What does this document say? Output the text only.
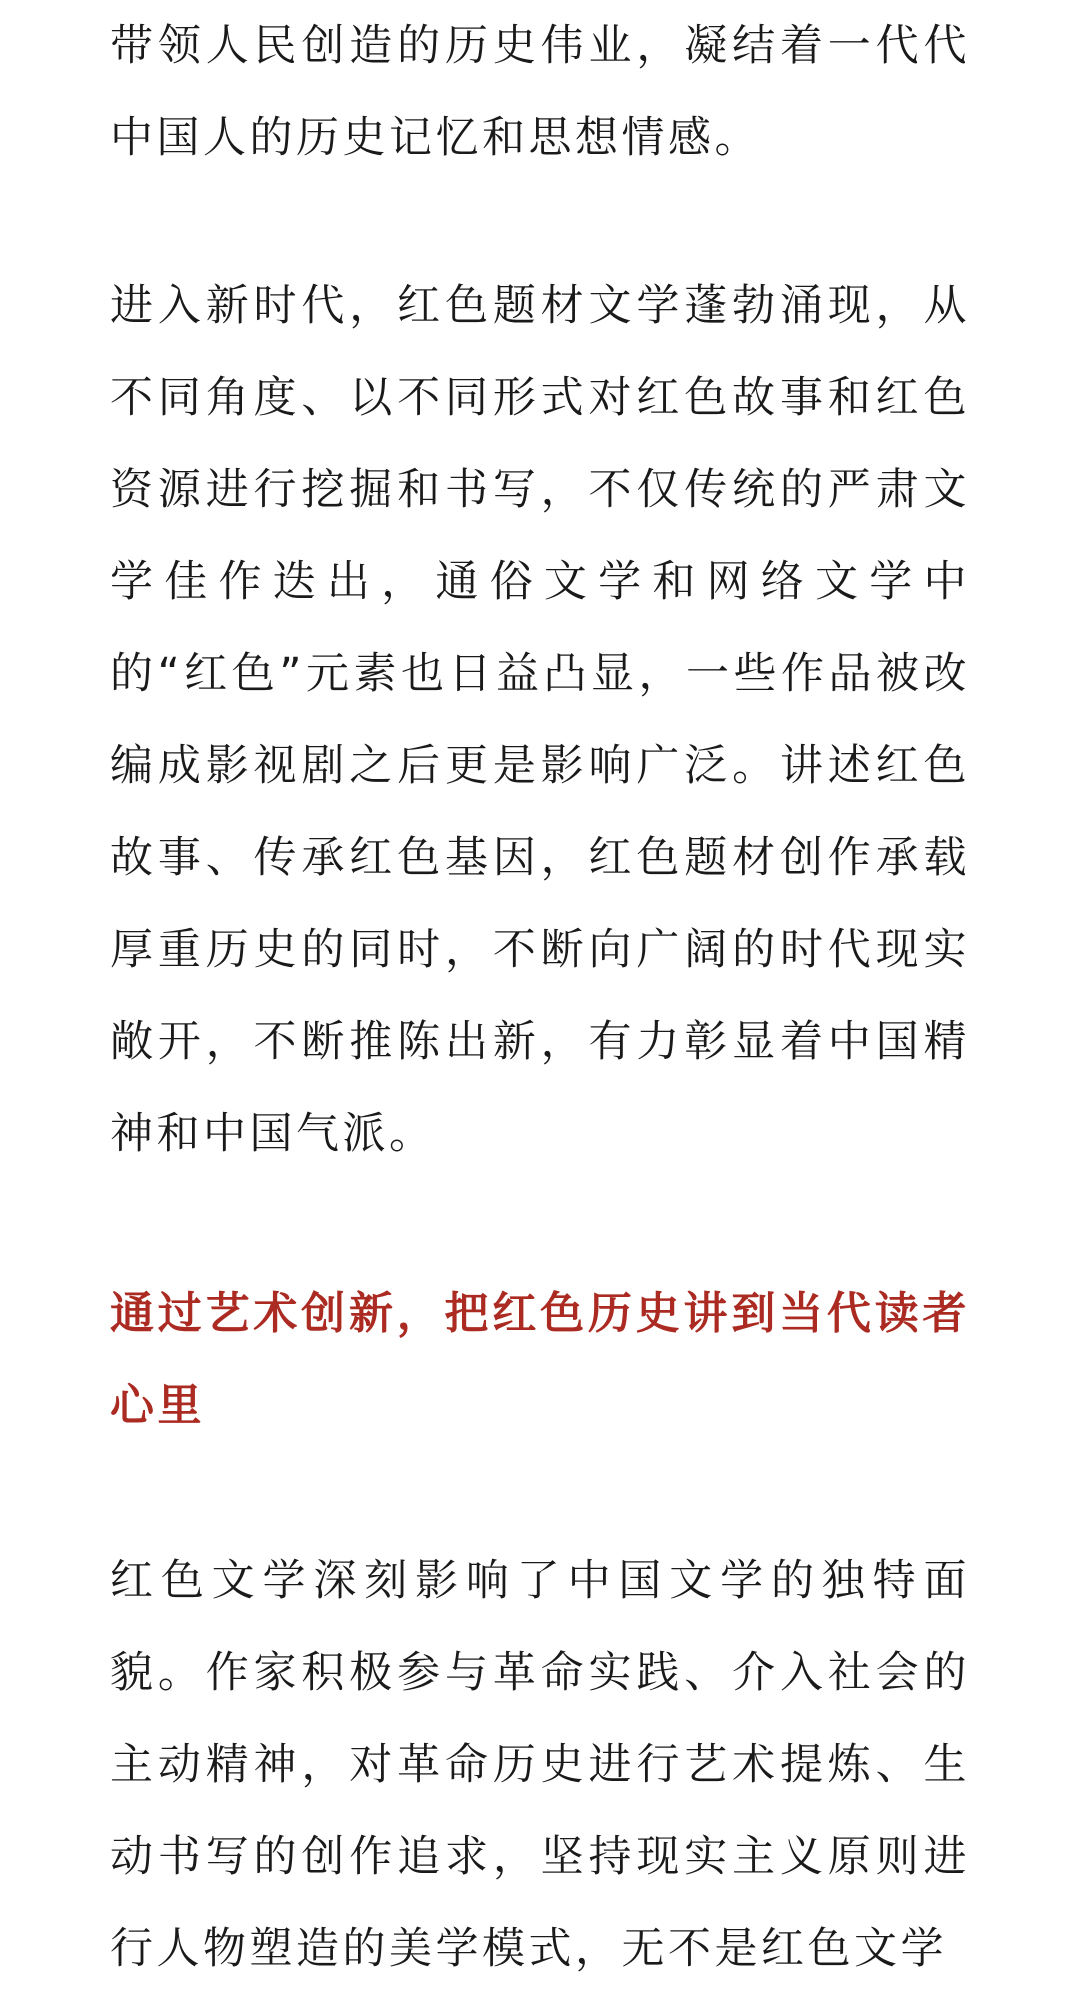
带领人民创造的历史伟业，凝结着一代代中国人的历史记忆和思想情感。

进入新时代，红色题材文学蓬勃涌现，从不同角度、以不同形式对红色故事和红色资源进行挖掘和书写，不仅传统的严肃文学佳作迭出，通俗文学和网络文学中的“红色”元素也日益凸显，一些作品被改编成影视剧之后更是影响广泛。讲述红色故事、传承红色基因，红色题材创作承载厚重历史的同时，不断向广阔的时代现实敞开，不断推陈出新，有力彰显着中国精神和中国气派。

通过艺术创新，把红色历史讲到当代读者心里

红色文学深刻影响了中国文学的独特面貌。作家积极参与革命实践、介入社会的主动精神，对革命历史进行艺术提炼、生动书写的创作追求，坚持现实主义原则进行人物塑造的美学模式，无不是红色文学
